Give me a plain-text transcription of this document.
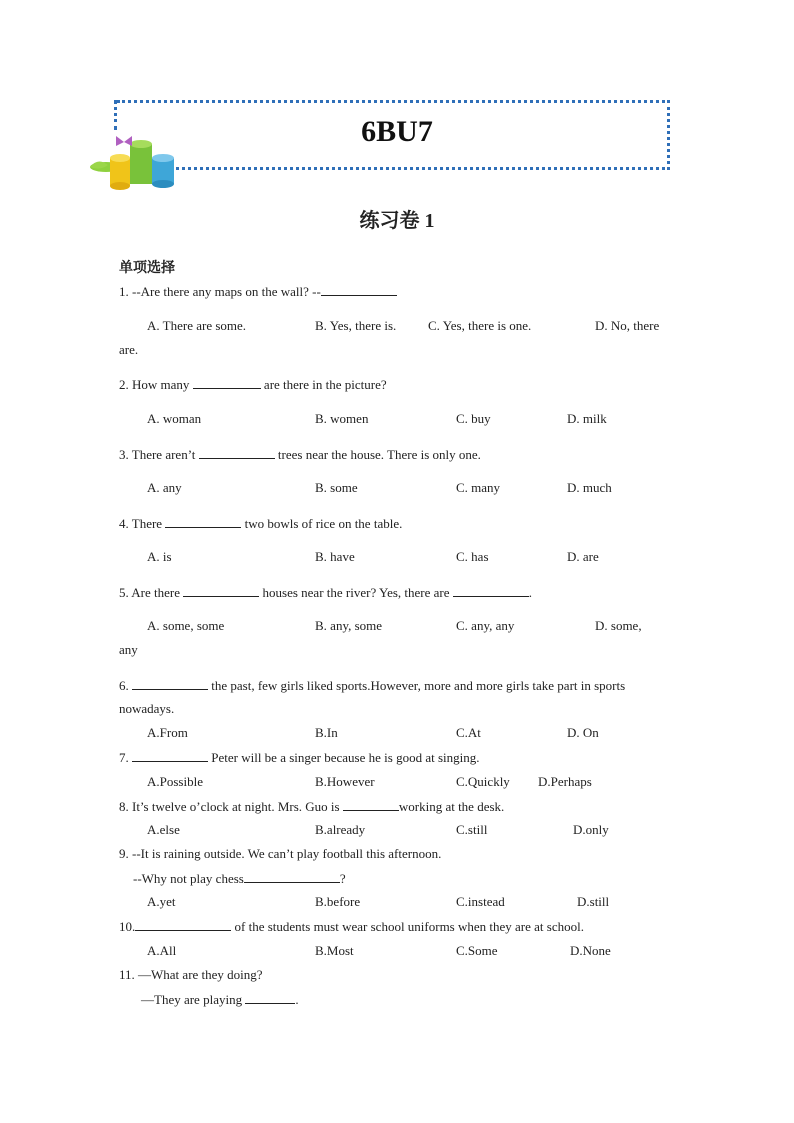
6BU7
练习卷 1
单项选择
1. --Are there any maps on the wall? --
A. There are some.	B. Yes, there is. C. Yes, there is one.	D. No, there
are.
2. How many	are there in the picture?
A. woman	B. women	C. buy	D. milk
3. There aren’t	trees near the house. There is only one.
A. any	B. some	C. many	D. much
4. There	two bowls of rice on the table.
A. is	B. have	C. has	D. are
5. Are there	houses near the river? Yes, there are	.
A. some, some	B. any, some	C. any, any	D. some,
any
6.	the past, few girls liked sports.However, more and more girls take part in sports
nowadays.
A.From	B.In	C.At	D. On
7.	Peter will be a singer because he is good at singing.
A.Possible	B.However	C.Quickly D.Perhaps
8. It’s twelve o’clock at night. Mrs. Guo is	working at the desk.
A.else	B.already	C.still	D.only
9. --It is raining outside. We can’t play football this afternoon.
--Why not play chess	?
A.yet	B.before	C.instead	D.still
10.	of the students must wear school uniforms when they are at school.
A.All	B.Most	C.Some	D.None
11. —What are they doing?
—They are playing	.
